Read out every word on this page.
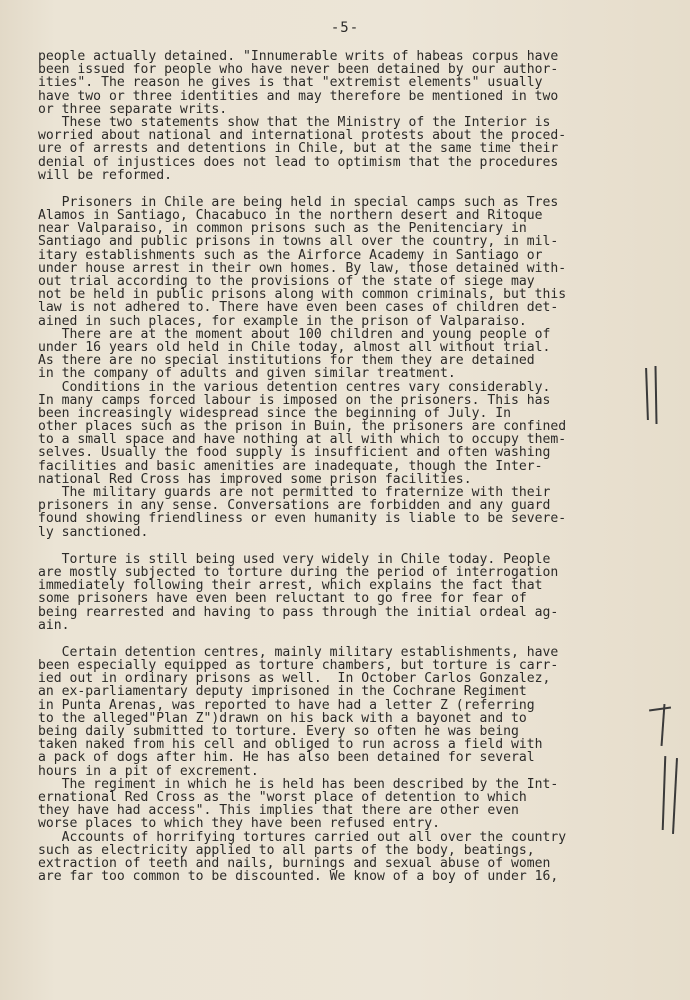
-5-
people actually detained. "Innumerable writs of habeas corpus have
been issued for people who have never been detained by our author-
ities". The reason he gives is that "extremist elements" usually
have two or three identities and may therefore be mentioned in two
or three separate writs.
These two statements show that the Ministry of the Interior is
worried about national and international protests about the proced-
ure of arrests and detentions in Chile, but at the same time their
denial of injustices does not lead to optimism that the procedures
will be reformed.
Prisoners in Chile are being held in special camps such as Tres
Alamos in Santiago, Chacabuco in the northern desert and Ritoque
near Valparaiso, in common prisons such as the Penitenciary in
Santiago and public prisons in towns all over the country, in mil-
itary establishments such as the Airforce Academy in Santiago or
under house arrest in their own homes. By law, those detained with-
out trial according to the provisions of the state of siege may
not be held in public prisons along with common criminals, but this
law is not adhered to. There have even been cases of children det-
ained in such places, for example in the prison of Valparaiso.
There are at the moment about 100 children and young people of
under 16 years old held in Chile today, almost all without trial.
As there are no special institutions for them they are detained
in the company of adults and given similar treatment.
Conditions in the various detention centres vary considerably.
In many camps forced labour is imposed on the prisoners. This has
been increasingly widespread since the beginning of July. In
other places such as the prison in Buin, the prisoners are confined
to a small space and have nothing at all with which to occupy them-
selves. Usually the food supply is insufficient and often washing
facilities and basic amenities are inadequate, though the Inter-
national Red Cross has improved some prison facilities.
The military guards are not permitted to fraternize with their
prisoners in any sense. Conversations are forbidden and any guard
found showing friendliness or even humanity is liable to be severe-
ly sanctioned.
Torture is still being used very widely in Chile today. People
are mostly subjected to torture during the period of interrogation
immediately following their arrest, which explains the fact that
some prisoners have even been reluctant to go free for fear of
being rearrested and having to pass through the initial ordeal ag-
ain.
Certain detention centres, mainly military establishments, have
been especially equipped as torture chambers, but torture is carr-
ied out in ordinary prisons as well.  In October Carlos Gonzalez,
an ex-parliamentary deputy imprisoned in the Cochrane Regiment
in Punta Arenas, was reported to have had a letter Z (referring
to the alleged"Plan Z")drawn on his back with a bayonet and to
being daily submitted to torture. Every so often he was being
taken naked from his cell and obliged to run across a field with
a pack of dogs after him. He has also been detained for several
hours in a pit of excrement.
The regiment in which he is held has been described by the Int-
ernational Red Cross as the "worst place of detention to which
they have had access". This implies that there are other even
worse places to which they have been refused entry.
Accounts of horrifying tortures carried out all over the country
such as electricity applied to all parts of the body, beatings,
extraction of teeth and nails, burnings and sexual abuse of women
are far too common to be discounted. We know of a boy of under 16,
